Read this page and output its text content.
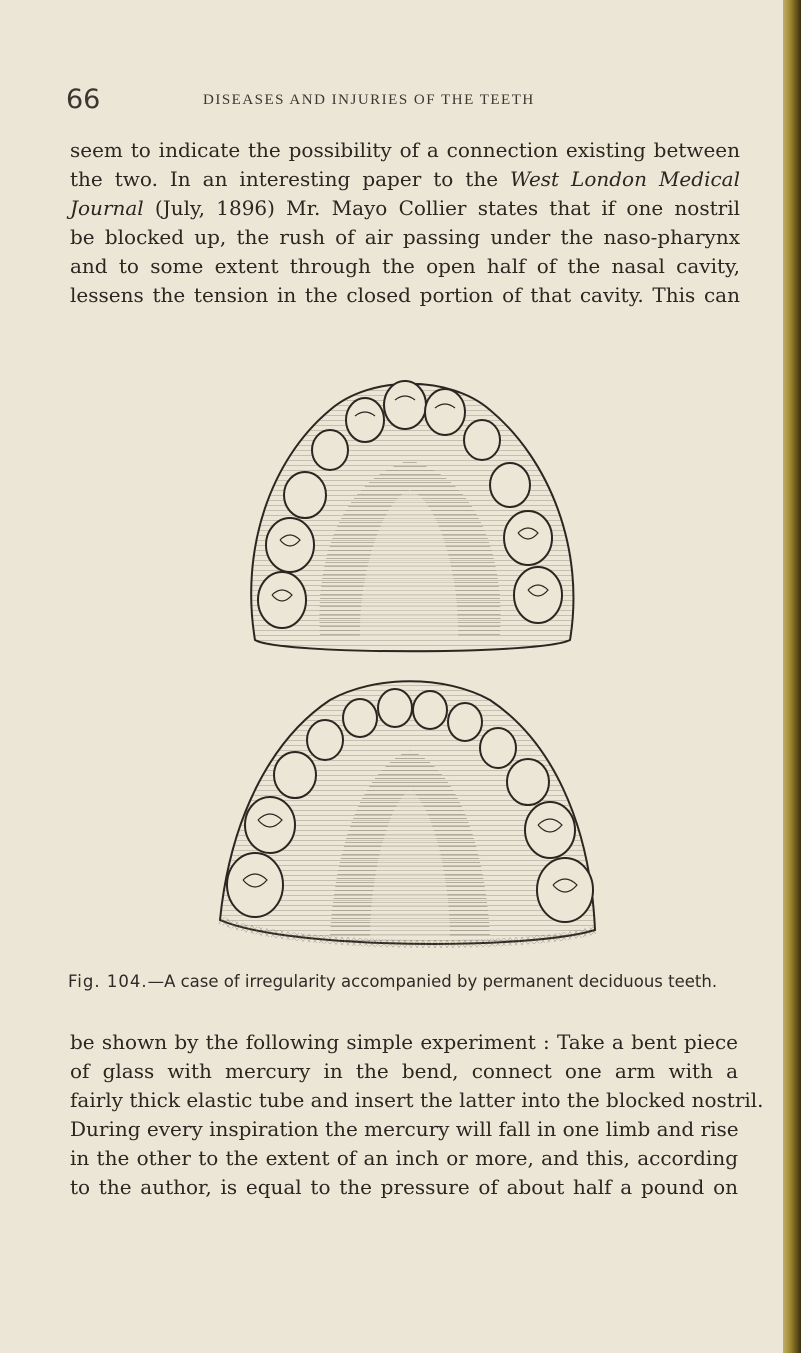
66	DISEASES AND INJURIES OF THE TEETH
seem to indicate the possibility of a connection existing between
the two. In an interesting paper to the West London Medical
Journal (July, 1896) Mr. Mayo Collier states that if one nostril
be blocked up, the rush of air passing under the naso-pharynx
and to some extent through the open half of the nasal cavity,
lessens the tension in the closed portion of that cavity. This can
Fig. 104.—A case of irregularity accompanied by permanent deciduous teeth.
be shown by the following simple experiment : Take a bent piece
of glass with mercury in the bend, connect one arm with a
fairly thick elastic tube and insert the latter into the blocked nostril.
During every inspiration the mercury will fall in one limb and rise
in the other to the extent of an inch or more, and this, according
to the author, is equal to the pressure of about half a pound on
